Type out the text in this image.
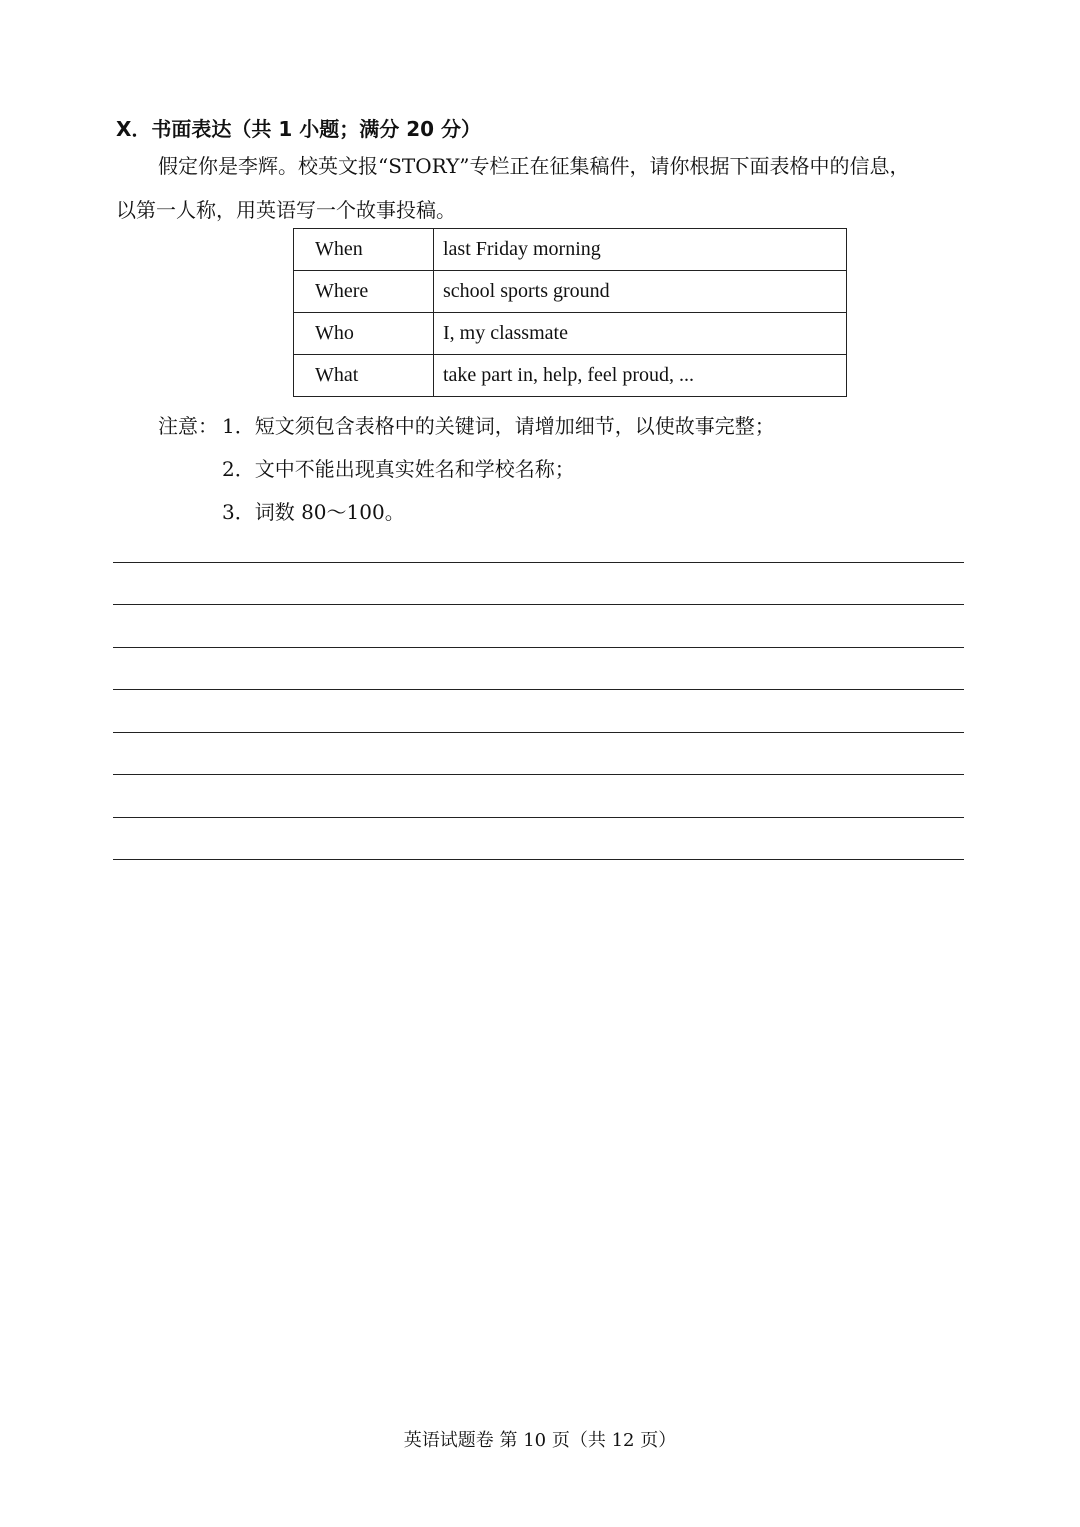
X．书面表达（共 1 小题；满分 20 分）
假定你是李辉。校英文报“STORY”专栏正在征集稿件，请你根据下面表格中的信息，
以第一人称，用英语写一个故事投稿。
When	last Friday morning
Where	school sports ground
Who	I, my classmate
What	take part in, help, feel proud, ...
注意： 1．短文须包含表格中的关键词，请增加细节，以使故事完整；
2．文中不能出现真实姓名和学校名称；
3．词数 80～100。
英语试题卷 第 10 页（共 12 页）
